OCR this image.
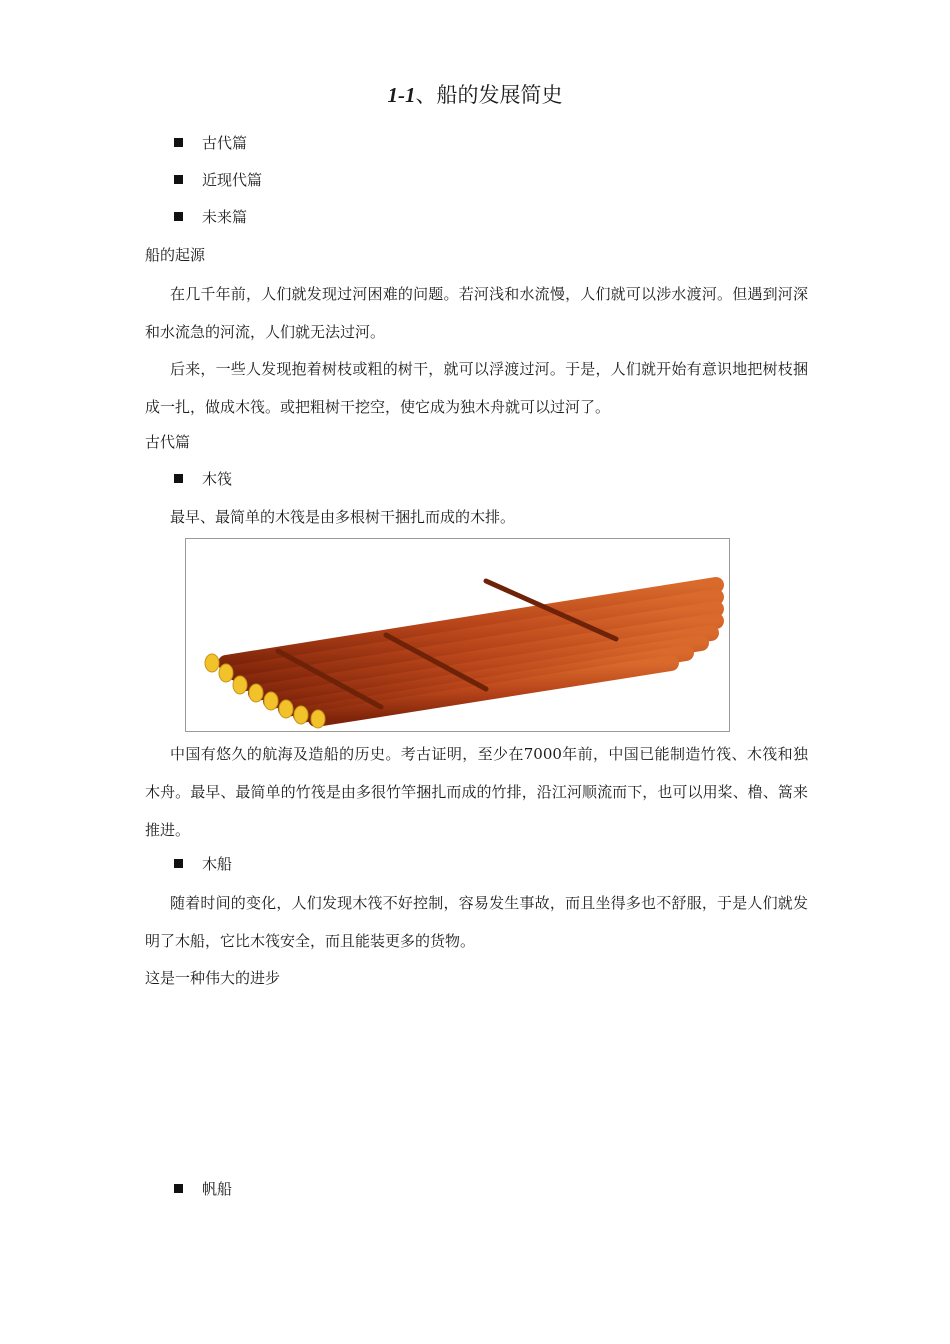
1-1、船的发展简史
古代篇
近现代篇
未来篇
船的起源

在几千年前，人们就发现过河困难的问题。若河浅和水流慢，人们就可以涉水渡河。但遇到河深和水流急的河流，人们就无法过河。

后来，一些人发现抱着树枝或粗的树干，就可以浮渡过河。于是，人们就开始有意识地把树枝捆成一扎，做成木筏。或把粗树干挖空，使它成为独木舟就可以过河了。

古代篇
木筏
最早、最简单的木筏是由多根树干捆扎而成的木排。

中国有悠久的航海及造船的历史。考古证明，至少在7000年前，中国已能制造竹筏、木筏和独木舟。最早、最简单的竹筏是由多很竹竿捆扎而成的竹排，沿江河顺流而下，也可以用桨、橹、篙来推进。

木船

随着时间的变化，人们发现木筏不好控制，容易发生事故，而且坐得多也不舒服，于是人们就发明了木船，它比木筏安全，而且能装更多的货物。

这是一种伟大的进步
帆船
